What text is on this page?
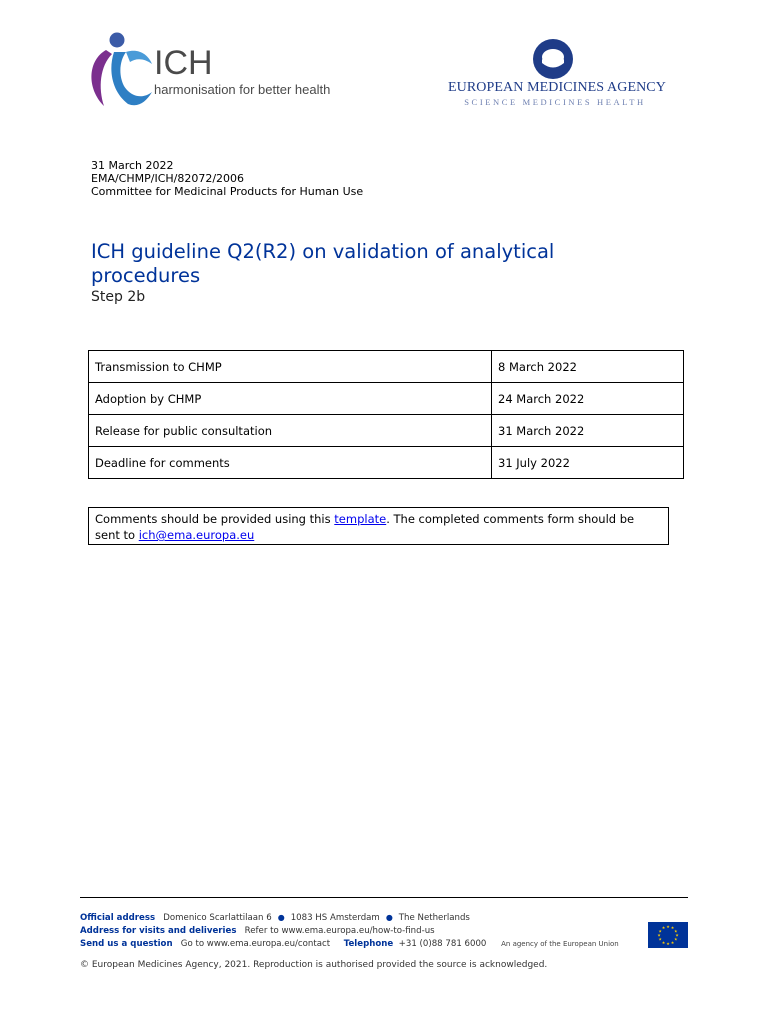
ICH
harmonisation for better health	EUROPEAN MEDICINES AGENCY
SCIENCE MEDICINES HEALTH
31 March 2022
EMA/CHMP/ICH/82072/2006
Committee for Medicinal Products for Human Use
ICH guideline Q2(R2) on validation of analytical procedures
Step 2b
Transmission to CHMP	8 March 2022
Adoption by CHMP	24 March 2022
Release for public consultation	31 March 2022
Deadline for comments	31 July 2022
Comments should be provided using this template. The completed comments form should be sent to ich@ema.europa.eu
Official address Domenico Scarlattilaan 6 ● 1083 HS Amsterdam ● The Netherlands
Address for visits and deliveries Refer to www.ema.europa.eu/how-to-find-us
Send us a question Go to www.ema.europa.eu/contact Telephone +31 (0)88 781 6000 An agency of the European Union
★ ★
★
★
★
★
★
★
★
★
★
★
© European Medicines Agency, 2021. Reproduction is authorised provided the source is acknowledged.
